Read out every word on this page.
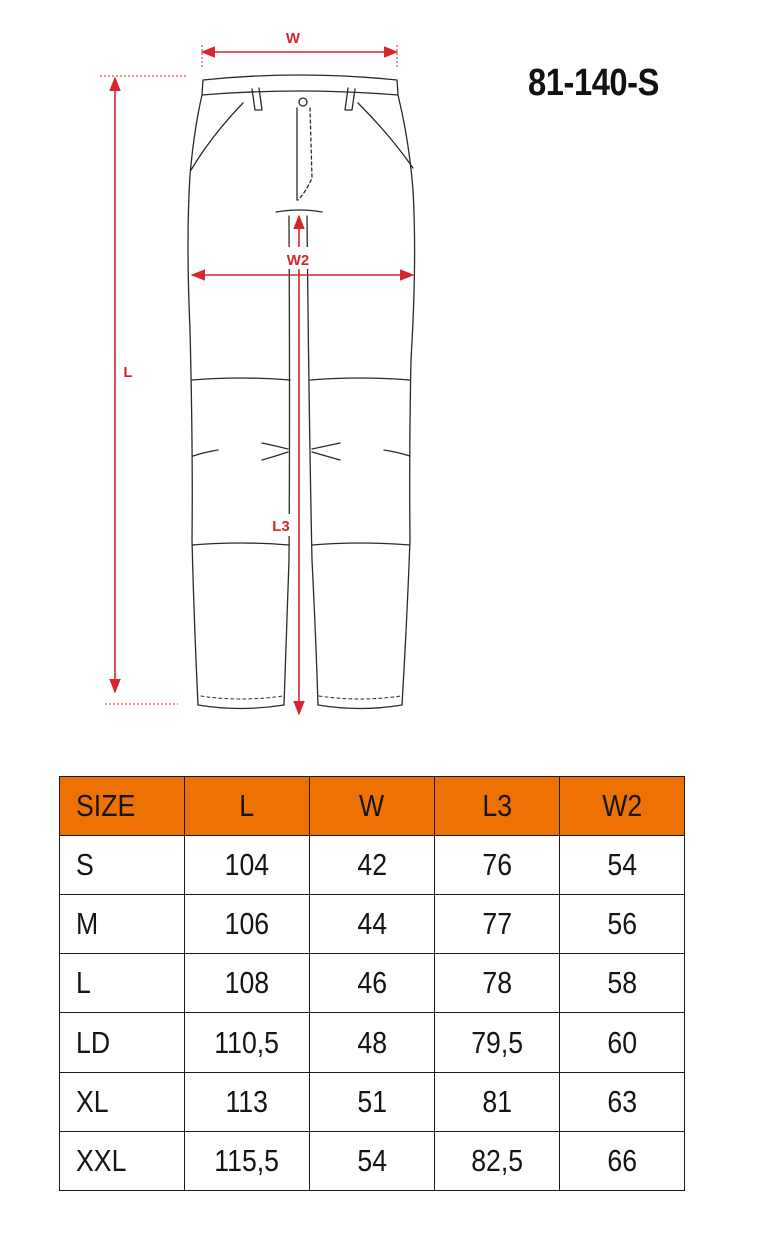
81-140-S
W
W2
L
L3
SIZE	L	W	L3	W2
S	104	42	76	54
M	106	44	77	56
L	108	46	78	58
LD	110,5	48	79,5	60
XL	113	51	81	63
XXL	115,5	54	82,5	66
